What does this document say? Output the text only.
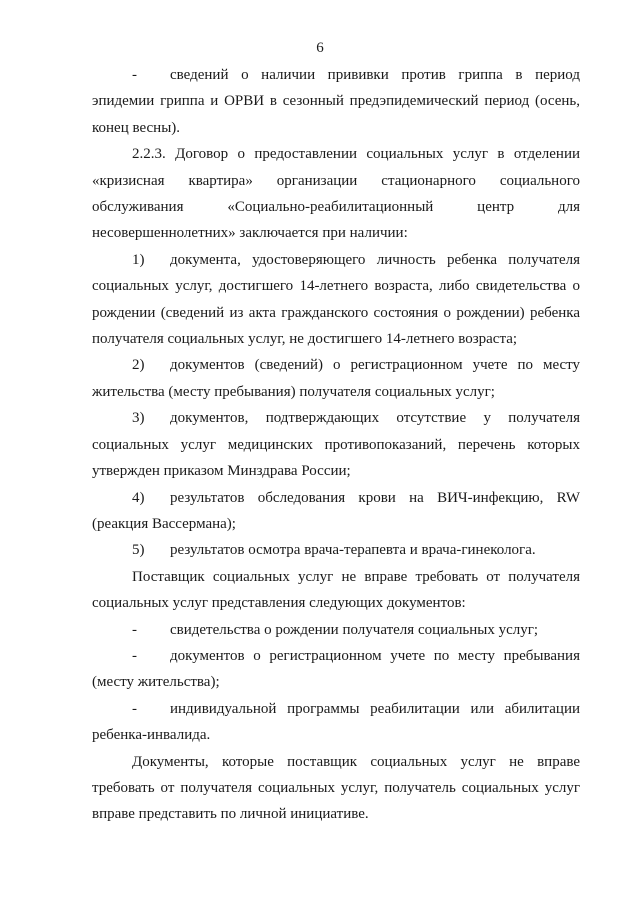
6

- сведений о наличии прививки против гриппа в период эпидемии гриппа и ОРВИ в сезонный предэпидемический период (осень, конец весны).

2.2.3. Договор о предоставлении социальных услуг в отделении «кризисная квартира» организации стационарного социального обслуживания «Социально-реабилитационный центр для несовершеннолетних» заключается при наличии:

1) документа, удостоверяющего личность ребенка получателя социальных услуг, достигшего 14-летнего возраста, либо свидетельства о рождении (сведений из акта гражданского состояния о рождении) ребенка получателя социальных услуг, не достигшего 14-летнего возраста;

2) документов (сведений) о регистрационном учете по месту жительства (месту пребывания) получателя социальных услуг;

3) документов, подтверждающих отсутствие у получателя социальных услуг медицинских противопоказаний, перечень которых утвержден приказом Минздрава России;

4) результатов обследования крови на ВИЧ-инфекцию, RW (реакция Вассермана);

5) результатов осмотра врача-терапевта и врача-гинеколога.

Поставщик социальных услуг не вправе требовать от получателя социальных услуг представления следующих документов:

- свидетельства о рождении получателя социальных услуг;

- документов о регистрационном учете по месту пребывания (месту жительства);

- индивидуальной программы реабилитации или абилитации ребенка-инвалида.

Документы, которые поставщик социальных услуг не вправе требовать от получателя социальных услуг, получатель социальных услуг вправе представить по личной инициативе.
